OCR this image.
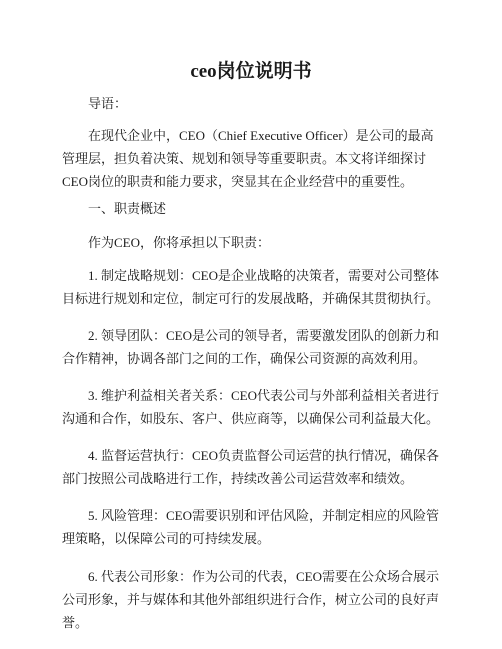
ceo岗位说明书

导语：

在现代企业中，CEO（Chief Executive Officer）是公司的最高管理层，担负着决策、规划和领导等重要职责。本文将详细探讨CEO岗位的职责和能力要求，突显其在企业经营中的重要性。

一、职责概述

作为CEO，你将承担以下职责：

1. 制定战略规划：CEO是企业战略的决策者，需要对公司整体目标进行规划和定位，制定可行的发展战略，并确保其贯彻执行。

2. 领导团队：CEO是公司的领导者，需要激发团队的创新力和合作精神，协调各部门之间的工作，确保公司资源的高效利用。

3. 维护利益相关者关系：CEO代表公司与外部利益相关者进行沟通和合作，如股东、客户、供应商等，以确保公司利益最大化。

4. 监督运营执行：CEO负责监督公司运营的执行情况，确保各部门按照公司战略进行工作，持续改善公司运营效率和绩效。

5. 风险管理：CEO需要识别和评估风险，并制定相应的风险管理策略，以保障公司的可持续发展。

6. 代表公司形象：作为公司的代表，CEO需要在公众场合展示公司形象，并与媒体和其他外部组织进行合作，树立公司的良好声誉。
